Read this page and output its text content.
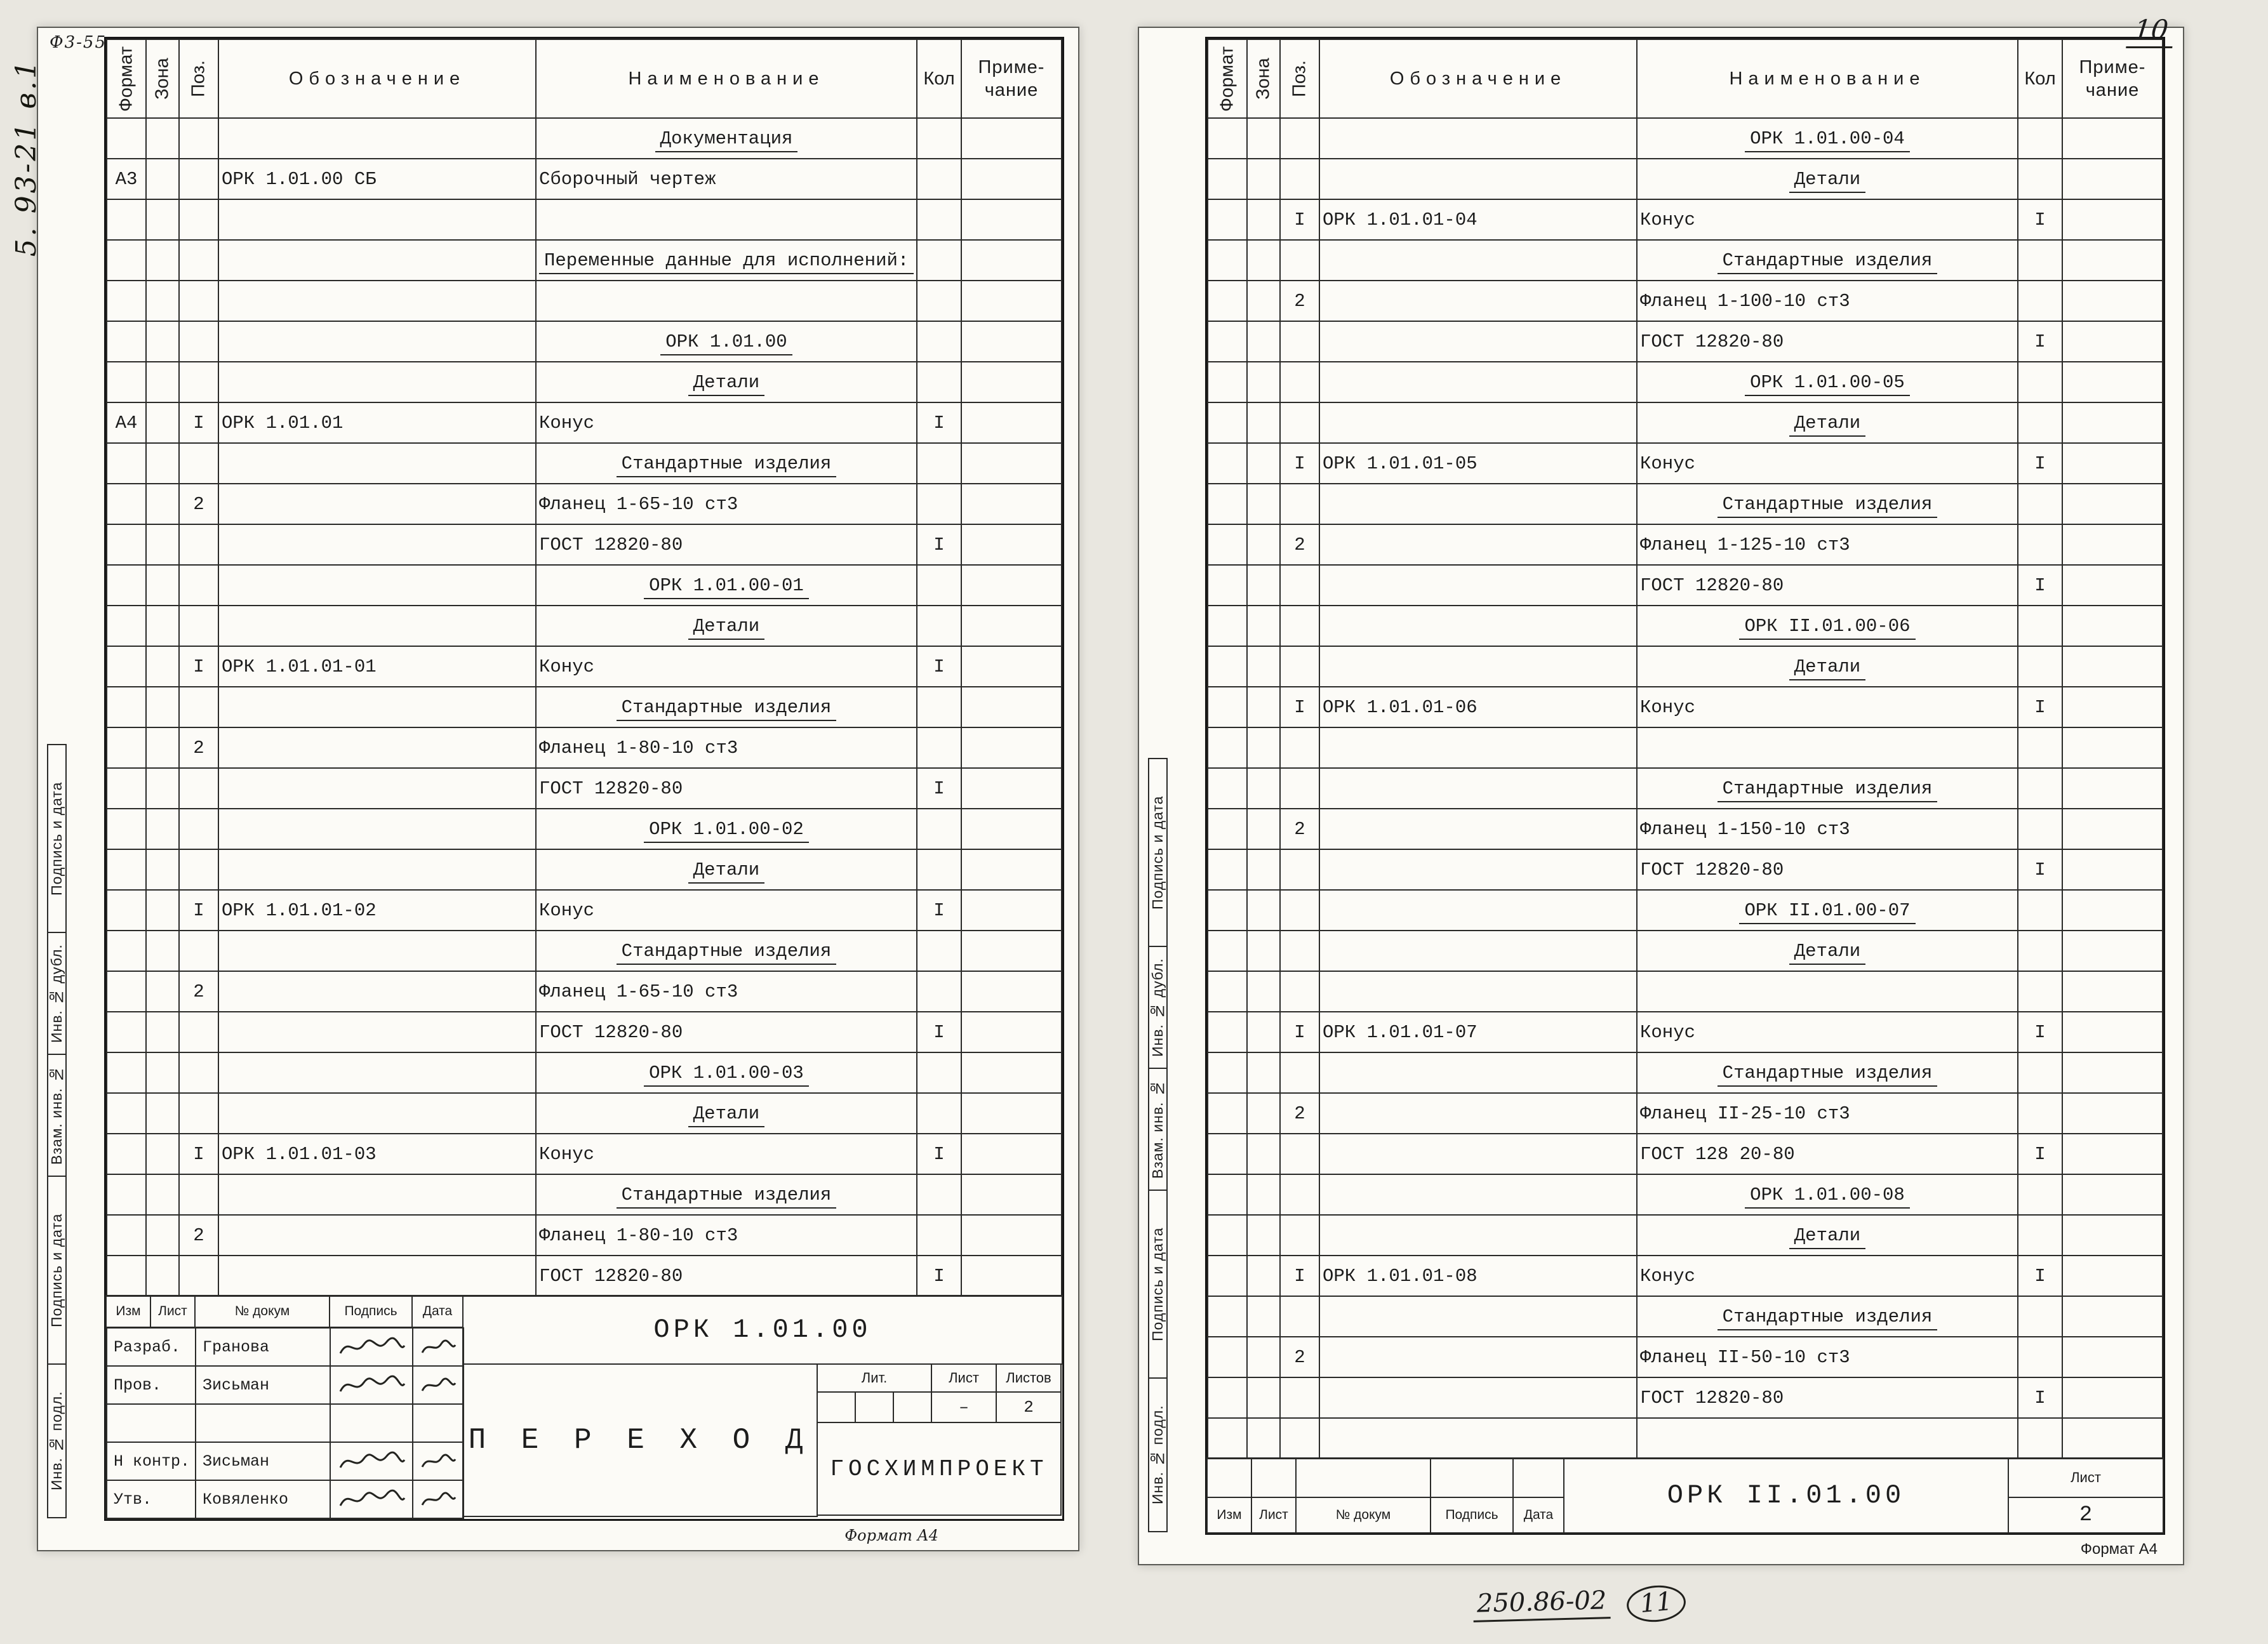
Ф3-55
Подпись и дата
Инв. № дубл.
Взам. инв. №
Подпись и дата
Инв. № подл.
Формат	Зона	Поз.	Обозначение	Наименование	Кол	Приме-
чание
				Документация		
А3			ОРК 1.01.00 СБ	Сборочный чертеж		

				Переменные данные для исполнений:		

				ОРК 1.01.00		
				Детали		
А4		I	ОРК 1.01.01	Конус	I	
				Стандартные изделия		
		2		Фланец 1-65-10 ст3		
				ГОСТ 12820-80	I	
				ОРК 1.01.00-01		
				Детали		
		I	ОРК 1.01.01-01	Конус	I	
				Стандартные изделия		
		2		Фланец 1-80-10 ст3		
				ГОСТ 12820-80	I	
				ОРК 1.01.00-02		
				Детали		
		I	ОРК 1.01.01-02	Конус	I	
				Стандартные изделия		
		2		Фланец 1-65-10 ст3		
				ГОСТ 12820-80	I	
				ОРК 1.01.00-03		
				Детали		
		I	ОРК 1.01.01-03	Конус	I	
				Стандартные изделия		
		2		Фланец 1-80-10 ст3		
				ГОСТ 12820-80	I	
Изм	Лист	№ докум	Подпись	Дата
Разраб.	Гранова
Пров.	Зисьман
Н контр. Зисьман
Утв.	Ковяленко
ОРК 1.01.00
П Е Р Е Х О Д
Лит.	Лист	Листов
–	2
ГОСХИМПРОЕКТ
Формат А4
Подпись и дата
Инв. № дубл.
Взам. инв. №
Подпись и дата
Инв. № подл.
Формат	Зона	Поз.	Обозначение	Наименование	Кол	Приме-
чание
				ОРК 1.01.00-04		
				Детали		
		I	ОРК 1.01.01-04	Конус	I	
				Стандартные изделия		
		2		Фланец 1-100-10 ст3		
				ГОСТ 12820-80	I	
				ОРК 1.01.00-05		
				Детали		
		I	ОРК 1.01.01-05	Конус	I	
				Стандартные изделия		
		2		Фланец 1-125-10 ст3		
				ГОСТ 12820-80	I	
				ОРК II.01.00-06		
				Детали		
		I	ОРК 1.01.01-06	Конус	I	

				Стандартные изделия		
		2		Фланец 1-150-10 ст3		
				ГОСТ 12820-80	I	
				ОРК II.01.00-07		
				Детали		

		I	ОРК 1.01.01-07	Конус	I	
				Стандартные изделия		
		2		Фланец II-25-10 ст3		
				ГОСТ 128 20-80	I	
				ОРК 1.01.00-08		
				Детали		
		I	ОРК 1.01.01-08	Конус	I	
				Стандартные изделия		
		2		Фланец II-50-10 ст3		
				ГОСТ 12820-80	I	

ОРК II.01.00
Лист
Изм	Лист	№ докум	Подпись	Дата	2
Формат А4
5. 93-21 в.1
10
250.86-02	11
